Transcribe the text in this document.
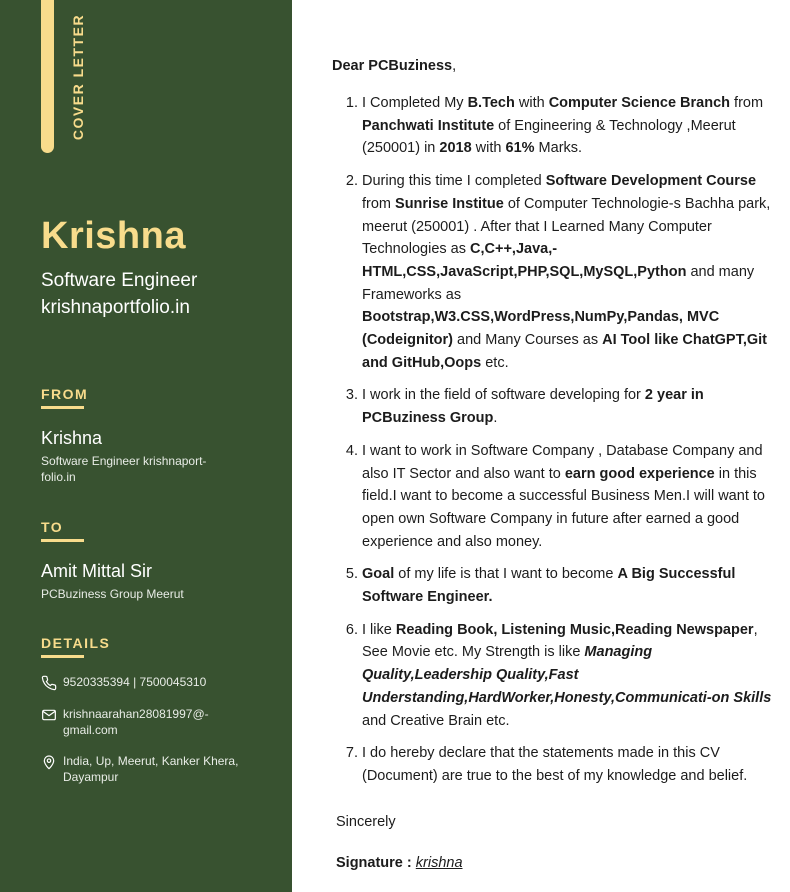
COVER LETTER
Krishna
Software Engineer
krishnaportfolio.in
FROM
Krishna
Software Engineer krishnaport-folio.in
TO
Amit Mittal Sir
PCBuziness Group Meerut
DETAILS
9520335394 | 7500045310
krishnaarahan28081997@-gmail.com
India, Up, Meerut, Kanker Khera, Dayampur
Dear PCBuziness,
1. I Completed My B.Tech with Computer Science Branch from Panchwati Institute of Engineering & Technology ,Meerut (250001) in 2018 with 61% Marks.
2. During this time I completed Software Development Course from Sunrise Institue of Computer Technologie-s Bachha park, meerut (250001) . After that I Learned Many Computer Technologies as C,C++,Java,-HTML,CSS,JavaScript,PHP,SQL,MySQL,Python and many Frameworks as Bootstrap,W3.CSS,WordPress,NumPy,Pandas, MVC (Codeignitor) and Many Courses as AI Tool like ChatGPT,Git and GitHub,Oops etc.
3. I work in the field of software developing for 2 year in PCBuziness Group.
4. I want to work in Software Company , Database Company and also IT Sector and also want to earn good experience in this field.I want to become a successful Business Men.I will want to open own Software Company in future after earned a good experience and also money.
5. Goal of my life is that I want to become A Big Successful Software Engineer.
6. I like Reading Book, Listening Music,Reading Newspaper, See Movie etc. My Strength is like Managing Quality,Leadership Quality,Fast Understanding,HardWorker,Honesty,Communicati-on Skills and Creative Brain etc.
7. I do hereby declare that the statements made in this CV (Document) are true to the best of my knowledge and belief.
Sincerely
Signature : krishna
